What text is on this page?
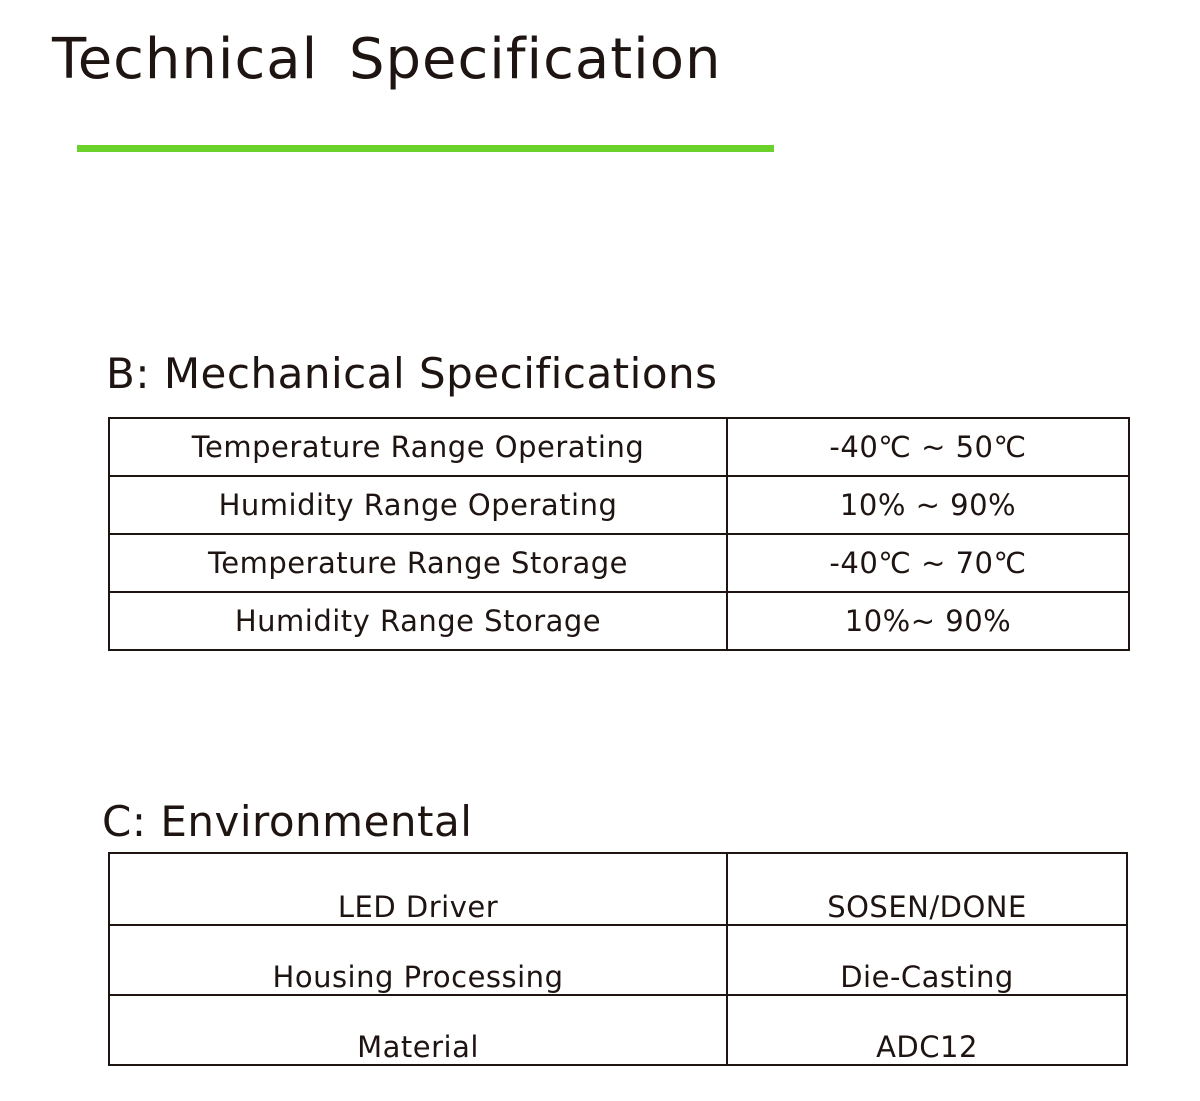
Technical Specification
B: Mechanical Specifications
Temperature Range Operating	-40℃ ~ 50℃
Humidity Range Operating	10% ~ 90%
Temperature Range Storage	-40℃ ~ 70℃
Humidity Range Storage	10%~ 90%
C: Environmental
LED Driver	SOSEN/DONE
Housing Processing	Die-Casting
Material	ADC12
